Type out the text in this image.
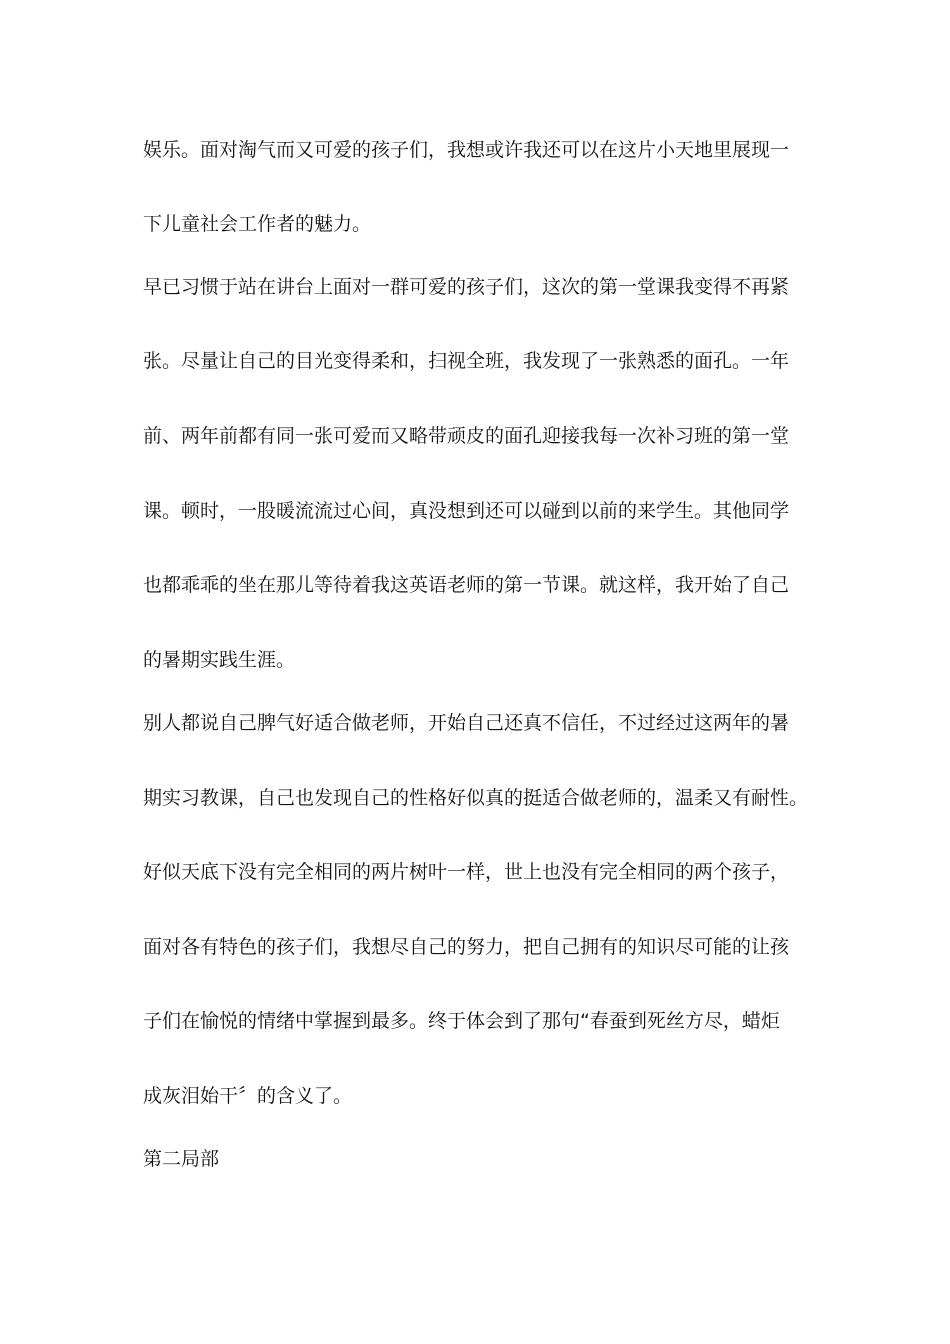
娱乐。面对淘气而又可爱的孩子们，我想或许我还可以在这片小天地里展现一
下儿童社会工作者的魅力。
早已习惯于站在讲台上面对一群可爱的孩子们，这次的第一堂课我变得不再紧
张。尽量让自己的目光变得柔和，扫视全班，我发现了一张熟悉的面孔。一年
前、两年前都有同一张可爱而又略带顽皮的面孔迎接我每一次补习班的第一堂
课。顿时，一股暖流流过心间，真没想到还可以碰到以前的来学生。其他同学
也都乖乖的坐在那儿等待着我这英语老师的第一节课。就这样，我开始了自己
的暑期实践生涯。
别人都说自己脾气好适合做老师，开始自己还真不信任，不过经过这两年的暑
期实习教课，自己也发现自己的性格好似真的挺适合做老师的，温柔又有耐性。
好似天底下没有完全相同的两片树叶一样，世上也没有完全相同的两个孩子，
面对各有特色的孩子们，我想尽自己的努力，把自己拥有的知识尽可能的让孩
子们在愉悦的情绪中掌握到最多。终于体会到了那句“春蚕到死丝方尽，蜡炬
成灰泪始干〞的含义了。
第二局部
